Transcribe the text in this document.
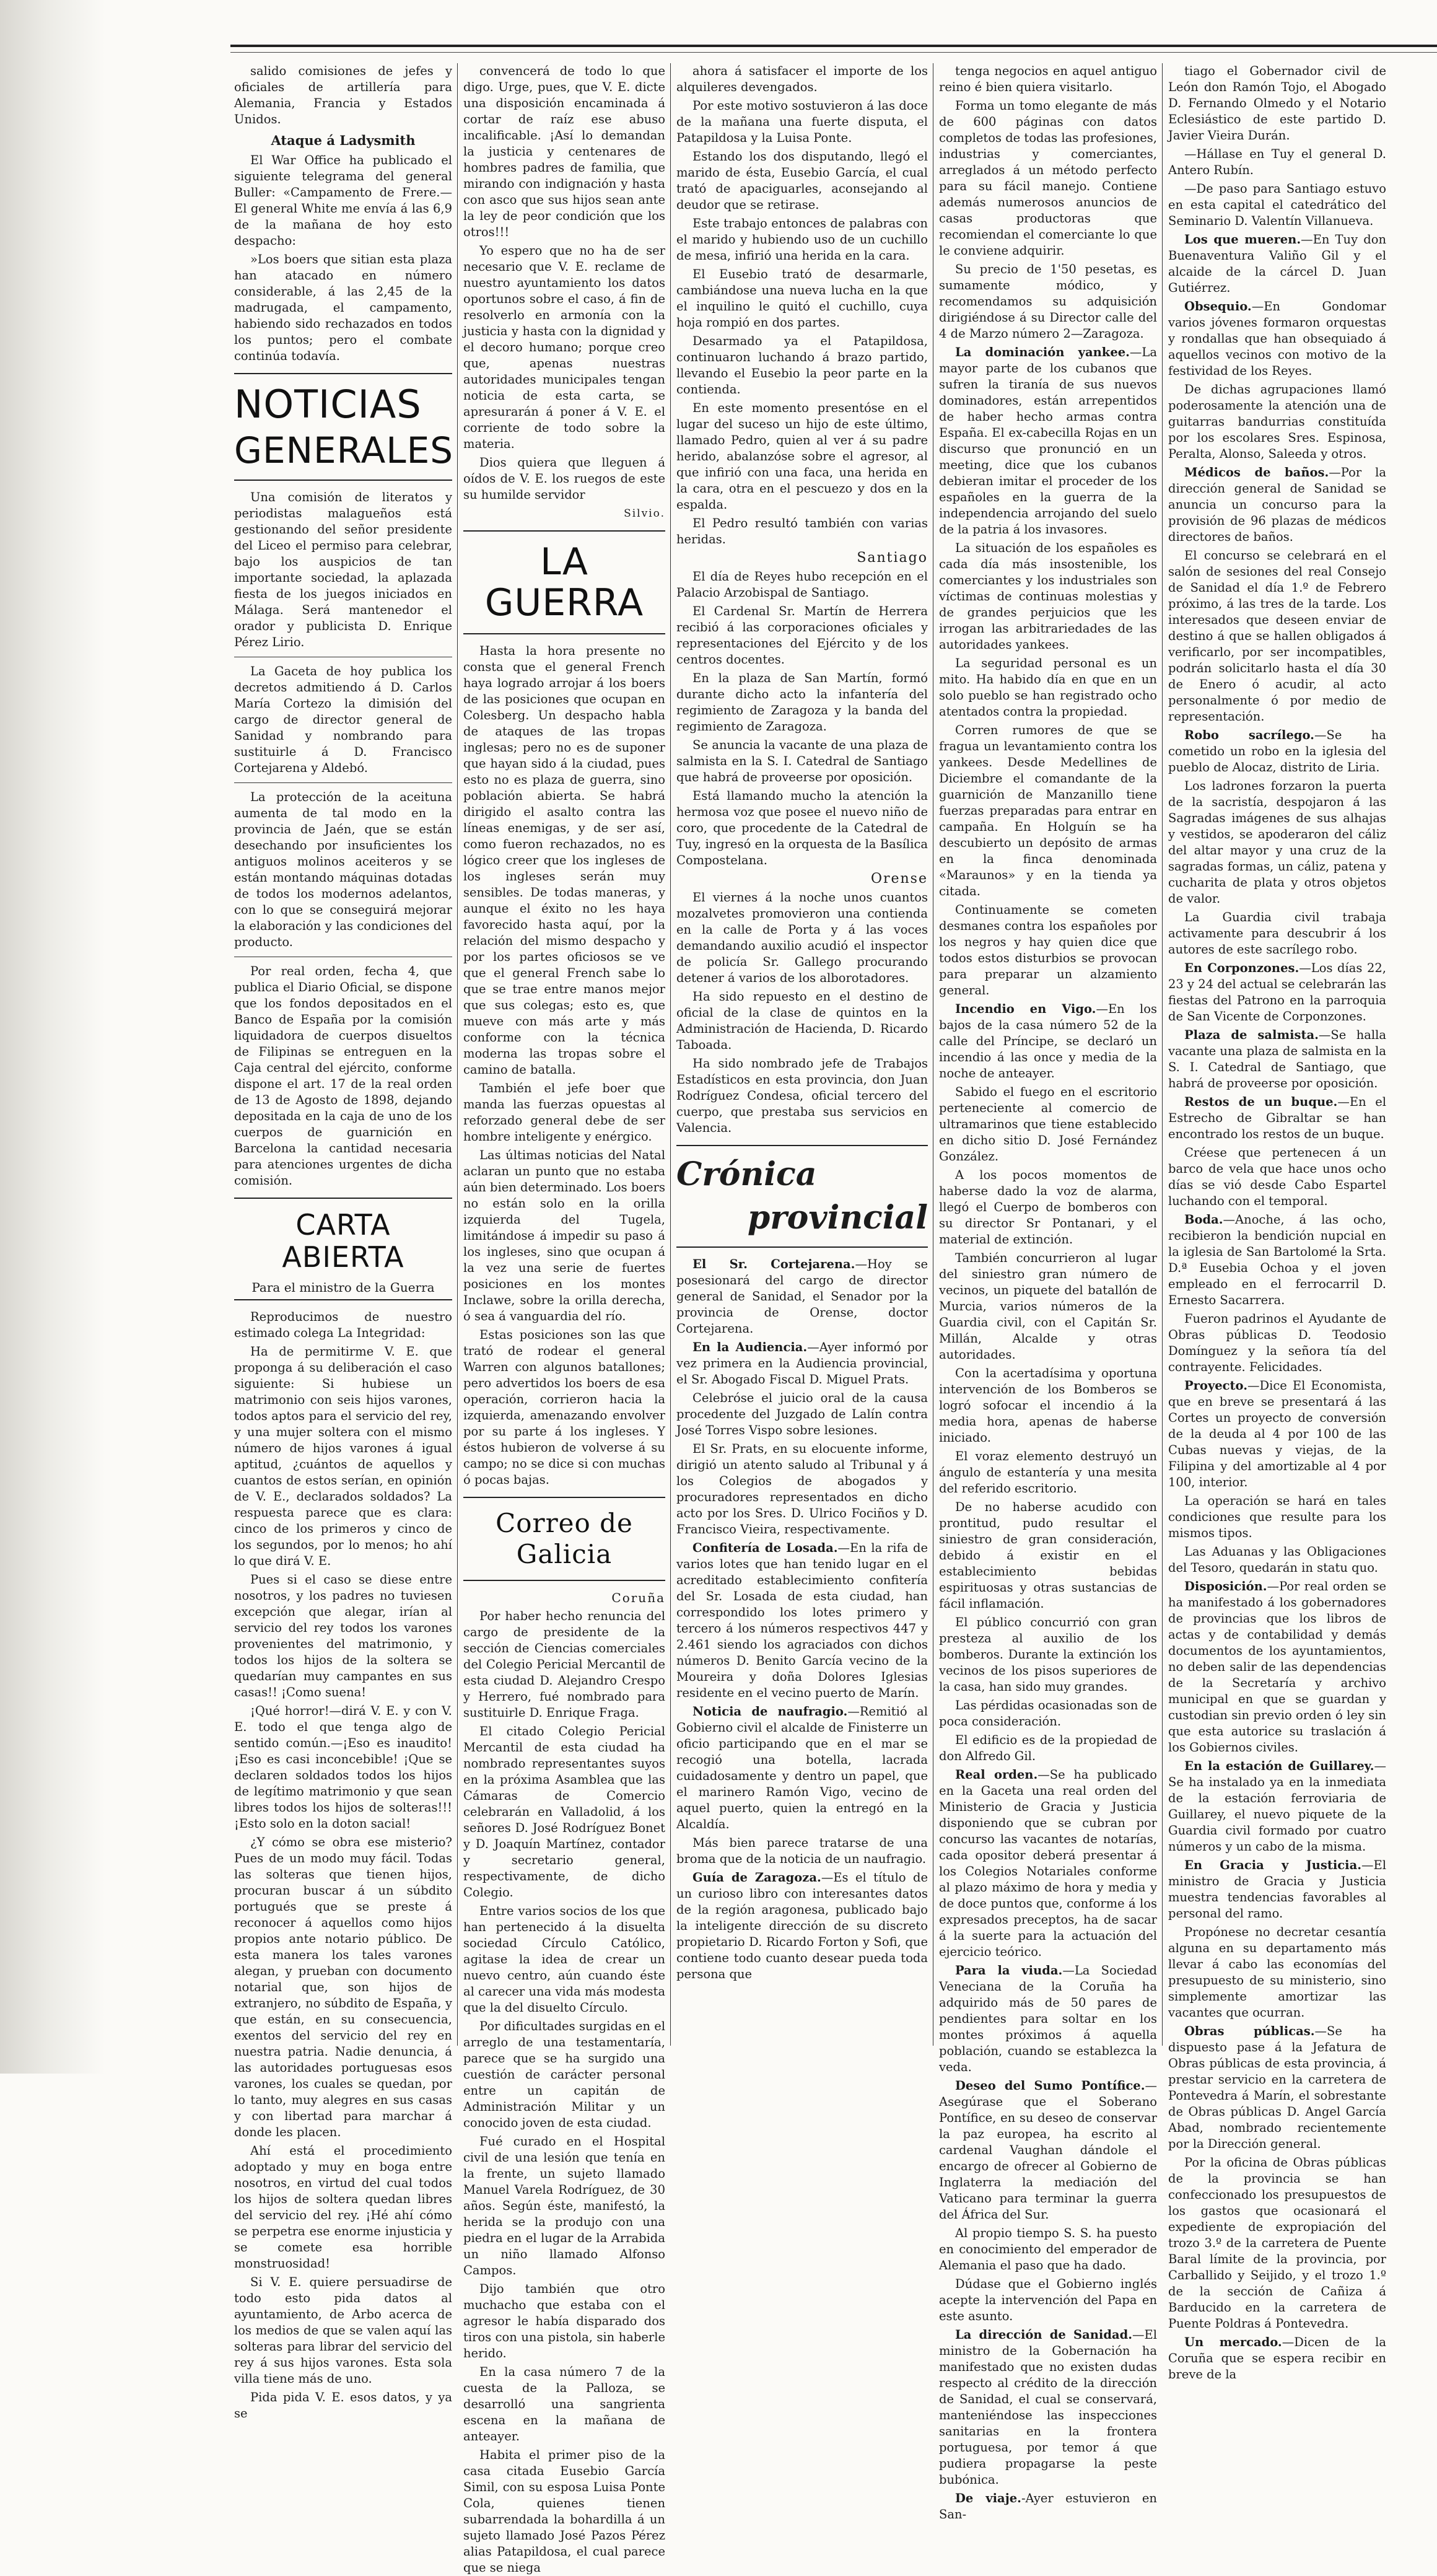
salido comisiones de jefes y oficiales de artillería para Alemania, Francia y Estados Unidos.

Ataque á Ladysmith

El War Office ha publicado el siguiente telegrama del general Buller: «Campamento de Frere.—El general White me envía á las 6,9 de la mañana de hoy esto despacho:

»Los boers que sitian esta plaza han atacado en número considerable, á las 2,45 de la madrugada, el campamento, habiendo sido rechazados en todos los puntos; pero el combate continúa todavía.

NOTICIAS
GENERALES

Una comisión de literatos y periodistas malagueños está gestionando del señor presidente del Liceo el permiso para celebrar, bajo los auspicios de tan importante sociedad, la aplazada fiesta de los juegos iniciados en Málaga. Será mantenedor el orador y publicista D. Enrique Pérez Lirio.

La Gaceta de hoy publica los decretos admitiendo á D. Carlos María Cortezo la dimisión del cargo de director general de Sanidad y nombrando para sustituirle á D. Francisco Cortejarena y Aldebó.

La protección de la aceituna aumenta de tal modo en la provincia de Jaén, que se están desechando por insuficientes los antiguos molinos aceiteros y se están montando máquinas dotadas de todos los modernos adelantos, con lo que se conseguirá mejorar la elaboración y las condiciones del producto.

Por real orden, fecha 4, que publica el Diario Oficial, se dispone que los fondos depositados en el Banco de España por la comisión liquidadora de cuerpos disueltos de Filipinas se entreguen en la Caja central del ejército, conforme dispone el art. 17 de la real orden de 13 de Agosto de 1898, dejando depositada en la caja de uno de los cuerpos de guarnición en Barcelona la cantidad necesaria para atenciones urgentes de dicha comisión.

CARTA ABIERTA
Para el ministro de la Guerra

Reproducimos de nuestro estimado colega La Integridad:

Ha de permitirme V. E. que proponga á su deliberación el caso siguiente: Si hubiese un matrimonio con seis hijos varones, todos aptos para el servicio del rey, y una mujer soltera con el mismo número de hijos varones á igual aptitud, ¿cuántos de aquellos y cuantos de estos serían, en opinión de V. E., declarados soldados? La respuesta parece que es clara: cinco de los primeros y cinco de los segundos, por lo menos; ho ahí lo que dirá V. E.

Pues si el caso se diese entre nosotros, y los padres no tuviesen excepción que alegar, irían al servicio del rey todos los varones provenientes del matrimonio, y todos los hijos de la soltera se quedarían muy campantes en sus casas!! ¡Como suena!

¡Qué horror!—dirá V. E. y con V. E. todo el que tenga algo de sentido común.—¡Eso es inaudito! ¡Eso es casi inconcebible! ¡Que se declaren soldados todos los hijos de legítimo matrimonio y que sean libres todos los hijos de solteras!!! ¡Esto solo en la doton sacial!

¿Y cómo se obra ese misterio? Pues de un modo muy fácil. Todas las solteras que tienen hijos, procuran buscar á un súbdito portugués que se preste á reconocer á aquellos como hijos propios ante notario público. De esta manera los tales varones alegan, y prueban con documento notarial que, son hijos de extranjero, no súbdito de España, y que están, en su consecuencia, exentos del servicio del rey en nuestra patria. Nadie denuncia, á las autoridades portuguesas esos varones, los cuales se quedan, por lo tanto, muy alegres en sus casas y con libertad para marchar á donde les placen.

Ahí está el procedimiento adoptado y muy en boga entre nosotros, en virtud del cual todos los hijos de soltera quedan libres del servicio del rey. ¡Hé ahí cómo se perpetra ese enorme injusticia y se comete esa horrible monstruosidad!

Si V. E. quiere persuadirse de todo esto pida datos al ayuntamiento, de Arbo acerca de los medios de que se valen aquí las solteras para librar del servicio del rey á sus hijos varones. Esta sola villa tiene más de uno.

Pida pida V. E. esos datos, y ya se

convencerá de todo lo que digo. Urge, pues, que V. E. dicte una disposición encaminada á cortar de raíz ese abuso incalificable. ¡Así lo demandan la justicia y centenares de hombres padres de familia, que mirando con indignación y hasta con asco que sus hijos sean ante la ley de peor condición que los otros!!!

Yo espero que no ha de ser necesario que V. E. reclame de nuestro ayuntamiento los datos oportunos sobre el caso, á fin de resolverlo en armonía con la justicia y hasta con la dignidad y el decoro humano; porque creo que, apenas nuestras autoridades municipales tengan noticia de esta carta, se apresurarán á poner á V. E. el corriente de todo sobre la materia.

Dios quiera que lleguen á oídos de V. E. los ruegos de este su humilde servidor

Silvio.
LA GUERRA

Hasta la hora presente no consta que el general French haya logrado arrojar á los boers de las posiciones que ocupan en Colesberg. Un despacho habla de ataques de las tropas inglesas; pero no es de suponer que hayan sido á la ciudad, pues esto no es plaza de guerra, sino población abierta. Se habrá dirigido el asalto contra las líneas enemigas, y de ser así, como fueron rechazados, no es lógico creer que los ingleses de los ingleses serán muy sensibles. De todas maneras, y aunque el éxito no les haya favorecido hasta aquí, por la relación del mismo despacho y por los partes oficiosos se ve que el general French sabe lo que se trae entre manos mejor que sus colegas; esto es, que mueve con más arte y más conforme con la técnica moderna las tropas sobre el camino de batalla.

También el jefe boer que manda las fuerzas opuestas al reforzado general debe de ser hombre inteligente y enérgico.

Las últimas noticias del Natal aclaran un punto que no estaba aún bien determinado. Los boers no están solo en la orilla izquierda del Tugela, limitándose á impedir su paso á los ingleses, sino que ocupan á la vez una serie de fuertes posiciones en los montes Inclawe, sobre la orilla derecha, ó sea á vanguardia del río.

Estas posiciones son las que trató de rodear el general Warren con algunos batallones; pero advertidos los boers de esa operación, corrieron hacia la izquierda, amenazando envolver por su parte á los ingleses. Y éstos hubieron de volverse á su campo; no se dice si con muchas ó pocas bajas.

Correo de Galicia
Coruña

Por haber hecho renuncia del cargo de presidente de la sección de Ciencias comerciales del Colegio Pericial Mercantil de esta ciudad D. Alejandro Crespo y Herrero, fué nombrado para sustituirle D. Enrique Fraga.

El citado Colegio Pericial Mercantil de esta ciudad ha nombrado representantes suyos en la próxima Asamblea que las Cámaras de Comercio celebrarán en Valladolid, á los señores D. José Rodríguez Bonet y D. Joaquín Martínez, contador y secretario general, respectivamente, de dicho Colegio.

Entre varios socios de los que han pertenecido á la disuelta sociedad Círculo Católico, agitase la idea de crear un nuevo centro, aún cuando éste al carecer una vida más modesta que la del disuelto Círculo.

Por dificultades surgidas en el arreglo de una testamentaría, parece que se ha surgido una cuestión de carácter personal entre un capitán de Administración Militar y un conocido joven de esta ciudad.

Fué curado en el Hospital civil de una lesión que tenía en la frente, un sujeto llamado Manuel Varela Rodríguez, de 30 años. Según éste, manifestó, la herida se la produjo con una piedra en el lugar de la Arrabida un niño llamado Alfonso Campos.

Dijo también que otro muchacho que estaba con el agresor le había disparado dos tiros con una pistola, sin haberle herido.

En la casa número 7 de la cuesta de la Palloza, se desarrolló una sangrienta escena en la mañana de anteayer.

Habita el primer piso de la casa citada Eusebio García Simil, con su esposa Luisa Ponte Cola, quienes tienen subarrendada la bohardilla á un sujeto llamado José Pazos Pérez alias Patapildosa, el cual parece que se niega

ahora á satisfacer el importe de los alquileres devengados.

Por este motivo sostuvieron á las doce de la mañana una fuerte disputa, el Patapildosa y la Luisa Ponte.

Estando los dos disputando, llegó el marido de ésta, Eusebio García, el cual trató de apaciguarles, aconsejando al deudor que se retirase.

Este trabajo entonces de palabras con el marido y hubiendo uso de un cuchillo de mesa, infirió una herida en la cara.

El Eusebio trató de desarmarle, cambiándose una nueva lucha en la que el inquilino le quitó el cuchillo, cuya hoja rompió en dos partes.

Desarmado ya el Patapildosa, continuaron luchando á brazo partido, llevando el Eusebio la peor parte en la contienda.

En este momento presentóse en el lugar del suceso un hijo de este último, llamado Pedro, quien al ver á su padre herido, abalanzóse sobre el agresor, al que infirió con una faca, una herida en la cara, otra en el pescuezo y dos en la espalda.

El Pedro resultó también con varias heridas.

Santiago

El día de Reyes hubo recepción en el Palacio Arzobispal de Santiago.

El Cardenal Sr. Martín de Herrera recibió á las corporaciones oficiales y representaciones del Ejército y de los centros docentes.

En la plaza de San Martín, formó durante dicho acto la infantería del regimiento de Zaragoza y la banda del regimiento de Zaragoza.

Se anuncia la vacante de una plaza de salmista en la S. I. Catedral de Santiago que habrá de proveerse por oposición.

Está llamando mucho la atención la hermosa voz que posee el nuevo niño de coro, que procedente de la Catedral de Tuy, ingresó en la orquesta de la Basílica Compostelana.

Orense

El viernes á la noche unos cuantos mozalvetes promovieron una contienda en la calle de Porta y á las voces demandando auxilio acudió el inspector de policía Sr. Gallego procurando detener á varios de los alborotadores.

Ha sido repuesto en el destino de oficial de la clase de quintos en la Administración de Hacienda, D. Ricardo Taboada.

Ha sido nombrado jefe de Trabajos Estadísticos en esta provincia, don Juan Rodríguez Condesa, oficial tercero del cuerpo, que prestaba sus servicios en Valencia.

Crónica
provincial

El Sr. Cortejarena.—Hoy se posesionará del cargo de director general de Sanidad, el Senador por la provincia de Orense, doctor Cortejarena.

En la Audiencia.—Ayer informó por vez primera en la Audiencia provincial, el Sr. Abogado Fiscal D. Miguel Prats.

Celebróse el juicio oral de la causa procedente del Juzgado de Lalín contra José Torres Vispo sobre lesiones.

El Sr. Prats, en su elocuente informe, dirigió un atento saludo al Tribunal y á los Colegios de abogados y procuradores representados en dicho acto por los Sres. D. Ulrico Fociños y D. Francisco Vieira, respectivamente.

Confitería de Losada.—En la rifa de varios lotes que han tenido lugar en el acreditado establecimiento confitería del Sr. Losada de esta ciudad, han correspondido los lotes primero y tercero á los números respectivos 447 y 2.461 siendo los agraciados con dichos números D. Benito García vecino de la Moureira y doña Dolores Iglesias residente en el vecino puerto de Marín.

Noticia de naufragio.—Remitió al Gobierno civil el alcalde de Finisterre un oficio participando que en el mar se recogió una botella, lacrada cuidadosamente y dentro un papel, que el marinero Ramón Vigo, vecino de aquel puerto, quien la entregó en la Alcaldía.

Más bien parece tratarse de una broma que de la noticia de un naufragio.

Guía de Zaragoza.—Es el título de un curioso libro con interesantes datos de la región aragonesa, publicado bajo la inteligente dirección de su discreto propietario D. Ricardo Forton y Sofi, que contiene todo cuanto desear pueda toda persona que

tenga negocios en aquel antiguo reino é bien quiera visitarlo.

Forma un tomo elegante de más de 600 páginas con datos completos de todas las profesiones, industrias y comerciantes, arreglados á un método perfecto para su fácil manejo. Contiene además numerosos anuncios de casas productoras que recomiendan el comerciante lo que le conviene adquirir.

Su precio de 1'50 pesetas, es sumamente módico, y recomendamos su adquisición dirigiéndose á su Director calle del 4 de Marzo número 2—Zaragoza.

La dominación yankee.—La mayor parte de los cubanos que sufren la tiranía de sus nuevos dominadores, están arrepentidos de haber hecho armas contra España. El ex-cabecilla Rojas en un discurso que pronunció en un meeting, dice que los cubanos debieran imitar el proceder de los españoles en la guerra de la independencia arrojando del suelo de la patria á los invasores.

La situación de los españoles es cada día más insostenible, los comerciantes y los industriales son víctimas de continuas molestias y de grandes perjuicios que les irrogan las arbitrariedades de las autoridades yankees.

La seguridad personal es un mito. Ha habido día en que en un solo pueblo se han registrado ocho atentados contra la propiedad.

Corren rumores de que se fragua un levantamiento contra los yankees. Desde Medellines de Diciembre el comandante de la guarnición de Manzanillo tiene fuerzas preparadas para entrar en campaña. En Holguín se ha descubierto un depósito de armas en la finca denominada «Maraunos» y en la tienda ya citada.

Continuamente se cometen desmanes contra los españoles por los negros y hay quien dice que todos estos disturbios se provocan para preparar un alzamiento general.

Incendio en Vigo.—En los bajos de la casa número 52 de la calle del Príncipe, se declaró un incendio á las once y media de la noche de anteayer.

Sabido el fuego en el escritorio perteneciente al comercio de ultramarinos que tiene establecido en dicho sitio D. José Fernández González.

A los pocos momentos de haberse dado la voz de alarma, llegó el Cuerpo de bomberos con su director Sr Pontanari, y el material de extinción.

También concurrieron al lugar del siniestro gran número de vecinos, un piquete del batallón de Murcia, varios números de la Guardia civil, con el Capitán Sr. Millán, Alcalde y otras autoridades.

Con la acertadísima y oportuna intervención de los Bomberos se logró sofocar el incendio á la media hora, apenas de haberse iniciado.

El voraz elemento destruyó un ángulo de estantería y una mesita del referido escritorio.

De no haberse acudido con prontitud, pudo resultar el siniestro de gran consideración, debido á existir en el establecimiento bebidas espirituosas y otras sustancias de fácil inflamación.

El público concurrió con gran presteza al auxilio de los bomberos. Durante la extinción los vecinos de los pisos superiores de la casa, han sido muy grandes.

Las pérdidas ocasionadas son de poca consideración.

El edificio es de la propiedad de don Alfredo Gil.

Real orden.—Se ha publicado en la Gaceta una real orden del Ministerio de Gracia y Justicia disponiendo que se cubran por concurso las vacantes de notarías, cada opositor deberá presentar á los Colegios Notariales conforme al plazo máximo de hora y media y de doce puntos que, conforme á los expresados preceptos, ha de sacar á la suerte para la actuación del ejercicio teórico.

Para la viuda.—La Sociedad Veneciana de la Coruña ha adquirido más de 50 pares de pendientes para soltar en los montes próximos á aquella población, cuando se establezca la veda.

Deseo del Sumo Pontífice.—Asegúrase que el Soberano Pontífice, en su deseo de conservar la paz europea, ha escrito al cardenal Vaughan dándole el encargo de ofrecer al Gobierno de Inglaterra la mediación del Vaticano para terminar la guerra del África del Sur.

Al propio tiempo S. S. ha puesto en conocimiento del emperador de Alemania el paso que ha dado.

Dúdase que el Gobierno inglés acepte la intervención del Papa en este asunto.

La dirección de Sanidad.—El ministro de la Gobernación ha manifestado que no existen dudas respecto al crédito de la dirección de Sanidad, el cual se conservará, manteniéndose las inspecciones sanitarias en la frontera portuguesa, por temor á que pudiera propagarse la peste bubónica.

De viaje.-Ayer estuvieron en San-

tiago el Gobernador civil de León don Ramón Tojo, el Abogado D. Fernando Olmedo y el Notario Eclesiástico de este partido D. Javier Vieira Durán.

—Hállase en Tuy el general D. Antero Rubín.

—De paso para Santiago estuvo en esta capital el catedrático del Seminario D. Valentín Villanueva.

Los que mueren.—En Tuy don Buenaventura Valiño Gil y el alcaide de la cárcel D. Juan Gutiérrez.

Obsequio.—En Gondomar varios jóvenes formaron orquestas y rondallas que han obsequiado á aquellos vecinos con motivo de la festividad de los Reyes.

De dichas agrupaciones llamó poderosamente la atención una de guitarras bandurrias constituída por los escolares Sres. Espinosa, Peralta, Alonso, Saleeda y otros.

Médicos de baños.—Por la dirección general de Sanidad se anuncia un concurso para la provisión de 96 plazas de médicos directores de baños.

El concurso se celebrará en el salón de sesiones del real Consejo de Sanidad el día 1.º de Febrero próximo, á las tres de la tarde. Los interesados que deseen enviar de destino á que se hallen obligados á verificarlo, por ser incompatibles, podrán solicitarlo hasta el día 30 de Enero ó acudir, al acto personalmente ó por medio de representación.

Robo sacrílego.—Se ha cometido un robo en la iglesia del pueblo de Alocaz, distrito de Liria.

Los ladrones forzaron la puerta de la sacristía, despojaron á las Sagradas imágenes de sus alhajas y vestidos, se apoderaron del cáliz del altar mayor y una cruz de la sagradas formas, un cáliz, patena y cucharita de plata y otros objetos de valor.

La Guardia civil trabaja activamente para descubrir á los autores de este sacrílego robo.

En Corponzones.—Los días 22, 23 y 24 del actual se celebrarán las fiestas del Patrono en la parroquia de San Vicente de Corponzones.

Plaza de salmista.—Se halla vacante una plaza de salmista en la S. I. Catedral de Santiago, que habrá de proveerse por oposición.

Restos de un buque.—En el Estrecho de Gibraltar se han encontrado los restos de un buque.

Créese que pertenecen á un barco de vela que hace unos ocho días se vió desde Cabo Espartel luchando con el temporal.

Boda.—Anoche, á las ocho, recibieron la bendición nupcial en la iglesia de San Bartolomé la Srta. D.ª Eusebia Ochoa y el joven empleado en el ferrocarril D. Ernesto Sacarrera.

Fueron padrinos el Ayudante de Obras públicas D. Teodosio Domínguez y la señora tía del contrayente. Felicidades.

Proyecto.—Dice El Economista, que en breve se presentará á las Cortes un proyecto de conversión de la deuda al 4 por 100 de las Cubas nuevas y viejas, de la Filipina y del amortizable al 4 por 100, interior.

La operación se hará en tales condiciones que resulte para los mismos tipos.

Las Aduanas y las Obligaciones del Tesoro, quedarán in statu quo.

Disposición.—Por real orden se ha manifestado á los gobernadores de provincias que los libros de actas y de contabilidad y demás documentos de los ayuntamientos, no deben salir de las dependencias de la Secretaría y archivo municipal en que se guardan y custodian sin previo orden ó ley sin que esta autorice su traslación á los Gobiernos civiles.

En la estación de Guillarey.—Se ha instalado ya en la inmediata de la estación ferroviaria de Guillarey, el nuevo piquete de la Guardia civil formado por cuatro números y un cabo de la misma.

En Gracia y Justicia.—El ministro de Gracia y Justicia muestra tendencias favorables al personal del ramo.

Propónese no decretar cesantía alguna en su departamento más llevar á cabo las economías del presupuesto de su ministerio, sino simplemente amortizar las vacantes que ocurran.

Obras públicas.—Se ha dispuesto pase á la Jefatura de Obras públicas de esta provincia, á prestar servicio en la carretera de Pontevedra á Marín, el sobrestante de Obras públicas D. Angel García Abad, nombrado recientemente por la Dirección general.

Por la oficina de Obras públicas de la provincia se han confeccionado los presupuestos de los gastos que ocasionará el expediente de expropiación del trozo 3.º de la carretera de Puente Baral límite de la provincia, por Carballido y Seijido, y el trozo 1.º de la sección de Cañiza á Barducido en la carretera de Puente Poldras á Pontevedra.

Un mercado.—Dicen de la Coruña que se espera recibir en breve de la
